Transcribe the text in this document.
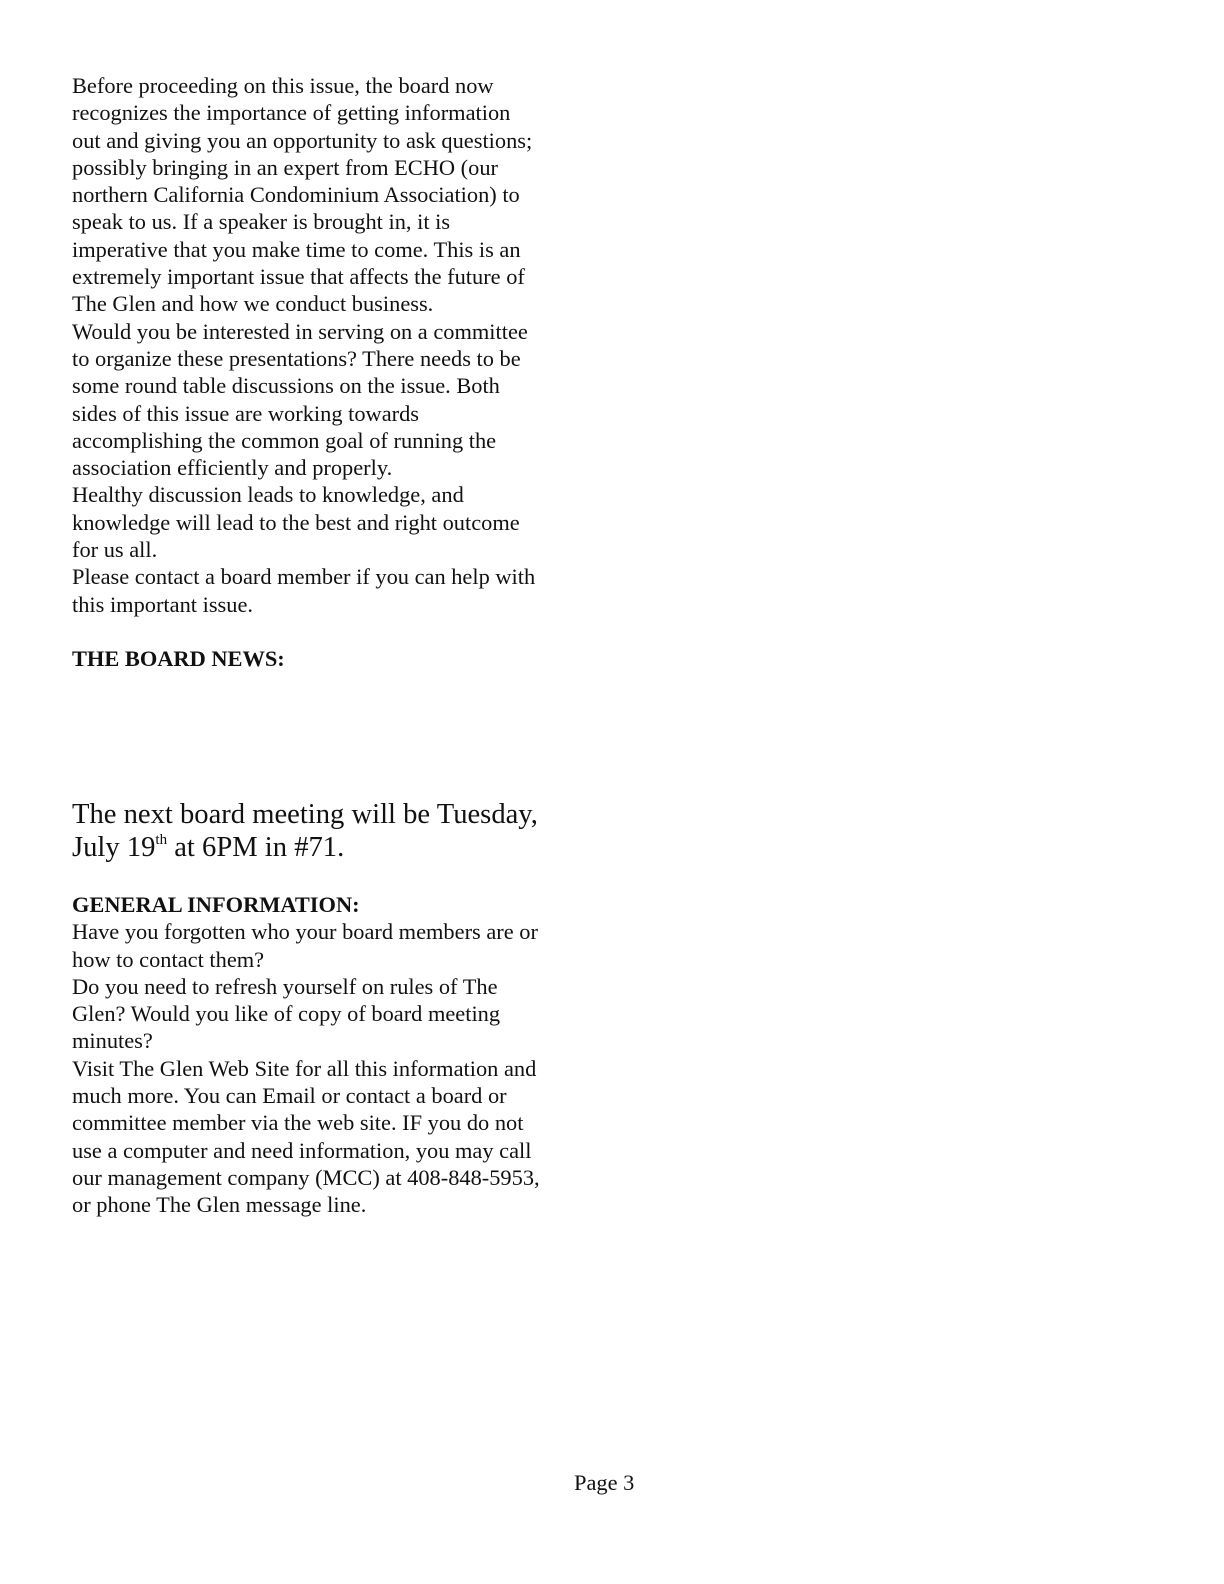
Before proceeding on this issue, the board now
recognizes the importance of getting information
out and giving you an opportunity to ask questions;
possibly bringing in an expert from ECHO (our
northern California Condominium Association) to
speak to us. If a speaker is brought in, it is
imperative that you make time to come. This is an
extremely important issue that affects the future of
The Glen and how we conduct business.

Would you be interested in serving on a committee
to organize these presentations? There needs to be
some round table discussions on the issue. Both
sides of this issue are working towards
accomplishing the common goal of running the
association efficiently and properly.

Healthy discussion leads to knowledge, and
knowledge will lead to the best and right outcome
for us all.

Please contact a board member if you can help with
this important issue.

THE BOARD NEWS:

The next board meeting will be Tuesday,
July 19th at 6PM in #71.

GENERAL INFORMATION:

Have you forgotten who your board members are or
how to contact them?

Do you need to refresh yourself on rules of The
Glen? Would you like of copy of board meeting
minutes?

Visit The Glen Web Site for all this information and
much more. You can Email or contact a board or
committee member via the web site. IF you do not
use a computer and need information, you may call
our management company (MCC) at 408-848-5953,
or phone The Glen message line.

Page 3
